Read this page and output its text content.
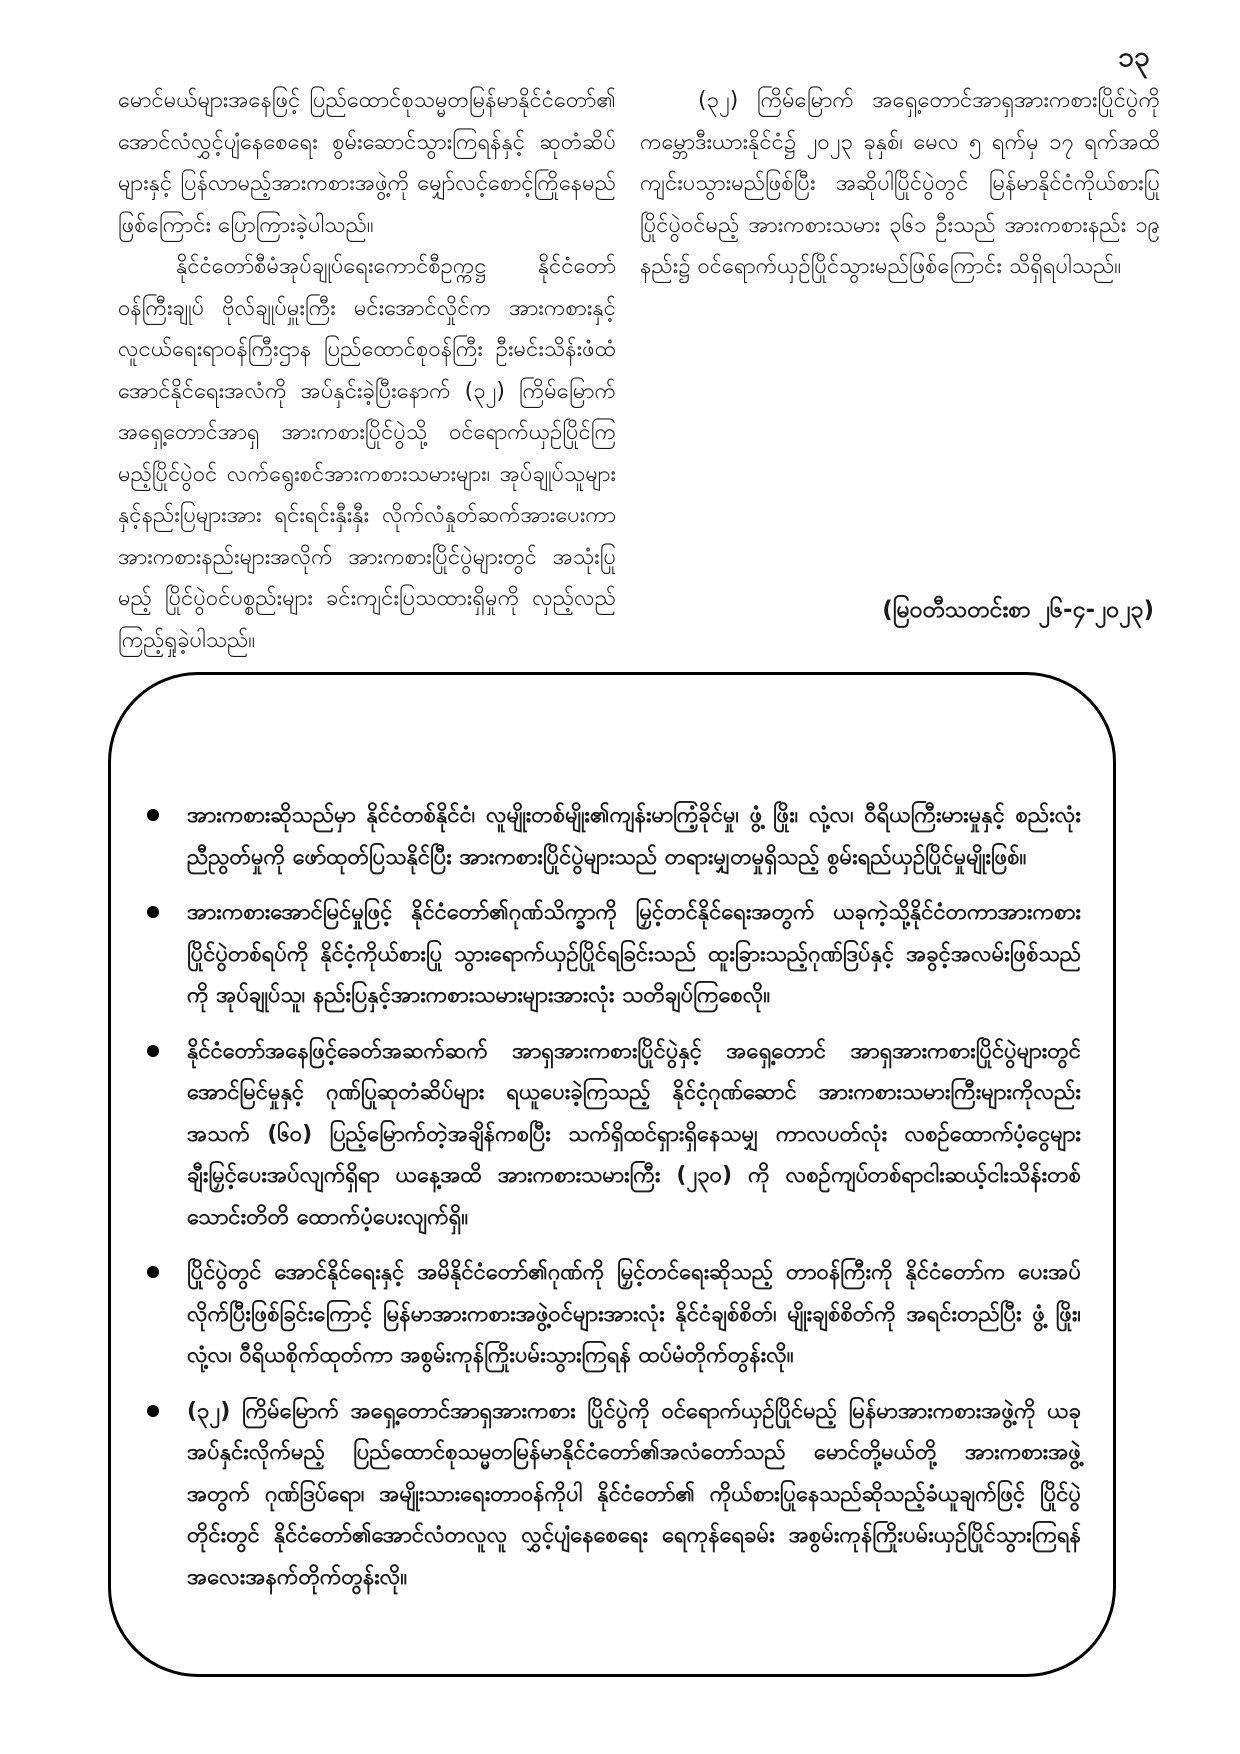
၁၃

မောင်မယ်များအနေဖြင့် ပြည်ထောင်စုသမ္မတမြန်မာနိုင်ငံတော်၏ အောင်လံလွှင့်ပျံနေစေရေး စွမ်းဆောင်သွားကြရန်နှင့် ဆုတံဆိပ်များနှင့် ပြန်လာမည့်အားကစားအဖွဲ့ကို မျှော်လင့်စောင့်ကြိုနေမည်ဖြစ်ကြောင်း ပြောကြားခဲ့ပါသည်။

နိုင်ငံတော်စီမံအုပ်ချုပ်ရေးကောင်စီဥက္ကဋ္ဌ နိုင်ငံတော်ဝန်ကြီးချုပ် ဗိုလ်ချုပ်မှူးကြီး မင်းအောင်လှိုင်က အားကစားနှင့်လူငယ်ရေးရာဝန်ကြီးဌာန ပြည်ထောင်စုဝန်ကြီး ဦးမင်းသိန်းဖံထံ အောင်နိုင်ရေးအလံကို အပ်နှင်းခဲ့ပြီးနောက် (၃၂) ကြိမ်မြောက် အရှေ့တောင်အာရှ အားကစားပြိုင်ပွဲသို့ ဝင်ရောက်ယှဉ်ပြိုင်ကြမည့်ပြိုင်ပွဲဝင် လက်ရွေးစင်အားကစားသမားများ၊ အုပ်ချုပ်သူများနှင့်နည်းပြများအား ရင်းရင်းနှီးနှီး လိုက်လံနှုတ်ဆက်အားပေးကာ အားကစားနည်းများအလိုက် အားကစားပြိုင်ပွဲများတွင် အသုံးပြုမည့် ပြိုင်ပွဲဝင်ပစ္စည်းများ ခင်းကျင်းပြသထားရှိမှုကို လှည့်လည်ကြည့်ရှုခဲ့ပါသည်။

(၃၂) ကြိမ်မြောက် အရှေ့တောင်အာရှအားကစားပြိုင်ပွဲကို ကမ္ဘောဒီးယားနိုင်ငံ၌ ၂၀၂၃ ခုနှစ်၊ မေလ ၅ ရက်မှ ၁၇ ရက်အထိ ကျင်းပသွားမည်ဖြစ်ပြီး အဆိုပါပြိုင်ပွဲတွင် မြန်မာနိုင်ငံကိုယ်စားပြု ပြိုင်ပွဲဝင်မည့် အားကစားသမား ၃၆၁ ဦးသည် အားကစားနည်း ၁၉ နည်း၌ ဝင်ရောက်ယှဉ်ပြိုင်သွားမည်ဖြစ်ကြောင်း သိရှိရပါသည်။

(မြဝတီသတင်းစာ ၂၆-၄-၂၀၂၃)
အားကစားဆိုသည်မှာ နိုင်ငံတစ်နိုင်ငံ၊ လူမျိုးတစ်မျိုး၏ကျန်းမာကြံ့ခိုင်မှု၊ ဖွံ့ ဖြိုး၊ လုံ့လ၊ ဝီရိယကြီးမားမှုနှင့် စည်းလုံးညီညွတ်မှုကို ဖော်ထုတ်ပြသနိုင်ပြီး အားကစားပြိုင်ပွဲများသည် တရားမျှတမှုရှိသည့် စွမ်းရည်ယှဉ်ပြိုင်မှုမျိုးဖြစ်။
အားကစားအောင်မြင်မှုဖြင့် နိုင်ငံတော်၏ဂုဏ်သိက္ခာကို မြှင့်တင်နိုင်ရေးအတွက် ယခုကဲ့သို့နိုင်ငံတကာအားကစားပြိုင်ပွဲတစ်ရပ်ကို နိုင်ငံ့ကိုယ်စားပြု သွားရောက်ယှဉ်ပြိုင်ရခြင်းသည် ထူးခြားသည့်ဂုဏ်ဒြပ်နှင့် အခွင့်အလမ်းဖြစ်သည်ကို အုပ်ချုပ်သူ၊ နည်းပြနှင့်အားကစားသမားများအားလုံး သတိချပ်ကြစေလို။
နိုင်ငံတော်အနေဖြင့်ခေတ်အဆက်ဆက် အာရှအားကစားပြိုင်ပွဲနှင့် အရှေ့တောင် အာရှအားကစားပြိုင်ပွဲများတွင် အောင်မြင်မှုနှင့် ဂုဏ်ပြုဆုတံဆိပ်များ ရယူပေးခဲ့ကြသည့် နိုင်ငံ့ဂုဏ်ဆောင် အားကစားသမားကြီးများကိုလည်း အသက် (၆၀) ပြည့်မြောက်တဲ့အချိန်ကစပြီး သက်ရှိထင်ရှားရှိနေသမျှ ကာလပတ်လုံး လစဉ်ထောက်ပံ့ငွေများချီးမြှင့်ပေးအပ်လျက်ရှိရာ ယနေ့အထိ အားကစားသမားကြီး (၂၃၀) ကို လစဉ်ကျပ်တစ်ရာငါးဆယ့်ငါးသိန်းတစ်သောင်းတိတိ ထောက်ပံ့ပေးလျက်ရှိ။
ပြိုင်ပွဲတွင် အောင်နိုင်ရေးနှင့် အမိနိုင်ငံတော်၏ဂုဏ်ကို မြှင့်တင်ရေးဆိုသည့် တာဝန်ကြီးကို နိုင်ငံတော်က ပေးအပ်လိုက်ပြီးဖြစ်ခြင်းကြောင့် မြန်မာအားကစားအဖွဲ့ဝင်များအားလုံး နိုင်ငံချစ်စိတ်၊ မျိုးချစ်စိတ်ကို အရင်းတည်ပြီး ဖွံ့ ဖြိုး၊ လုံ့လ၊ ဝီရိယစိုက်ထုတ်ကာ အစွမ်းကုန်ကြိုးပမ်းသွားကြရန် ထပ်မံတိုက်တွန်းလို။
(၃၂) ကြိမ်မြောက် အရှေ့တောင်အာရှအားကစား ပြိုင်ပွဲကို ဝင်ရောက်ယှဉ်ပြိုင်မည့် မြန်မာအားကစားအဖွဲ့ကို ယခုအပ်နှင်းလိုက်မည့် ပြည်ထောင်စုသမ္မတမြန်မာနိုင်ငံတော်၏အလံတော်သည် မောင်တို့မယ်တို့ အားကစားအဖွဲ့အတွက် ဂုဏ်ဒြပ်ရော၊ အမျိုးသားရေးတာဝန်ကိုပါ နိုင်ငံတော်၏ ကိုယ်စားပြုနေသည်ဆိုသည့်ခံယူချက်ဖြင့် ပြိုင်ပွဲတိုင်းတွင် နိုင်ငံတော်၏အောင်လံတလူလူ လွှင့်ပျံနေစေရေး ရေကုန်ရေခမ်း အစွမ်းကုန်ကြိုးပမ်းယှဉ်ပြိုင်သွားကြရန် အလေးအနက်တိုက်တွန်းလို။
